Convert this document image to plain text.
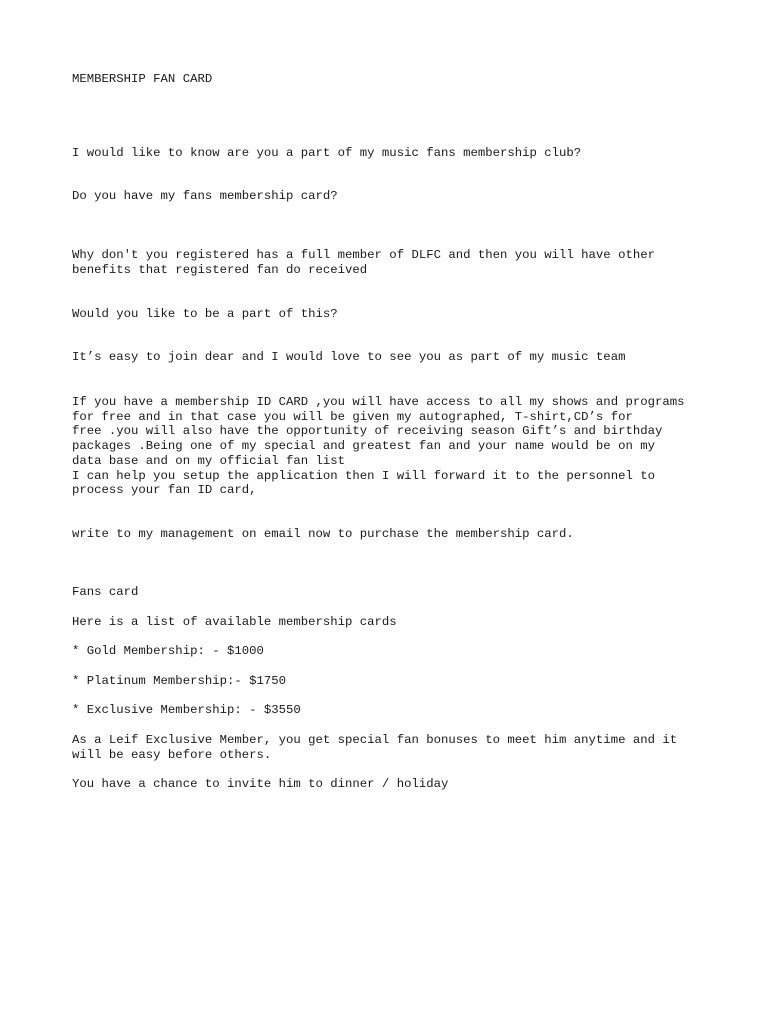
MEMBERSHIP FAN CARD

I would like to know are you a part of my music fans membership club?

Do you have my fans membership card?

Why don't you registered has a full member of DLFC and then you will have other
benefits that registered fan do received

Would you like to be a part of this?

It’s easy to join dear and I would love to see you as part of my music team

If you have a membership ID CARD ,you will have access to all my shows and programs
for free and in that case you will be given my autographed, T-shirt,CD’s for
free .you will also have the opportunity of receiving season Gift’s and birthday
packages .Being one of my special and greatest fan and your name would be on my
data base and on my official fan list
I can help you setup the application then I will forward it to the personnel to
process your fan ID card,

write to my management on email now to purchase the membership card.

Fans card

Here is a list of available membership cards

* Gold Membership: - $1000

* Platinum Membership:- $1750

* Exclusive Membership: - $3550

As a Leif Exclusive Member, you get special fan bonuses to meet him anytime and it
will be easy before others.

You have a chance to invite him to dinner / holiday
